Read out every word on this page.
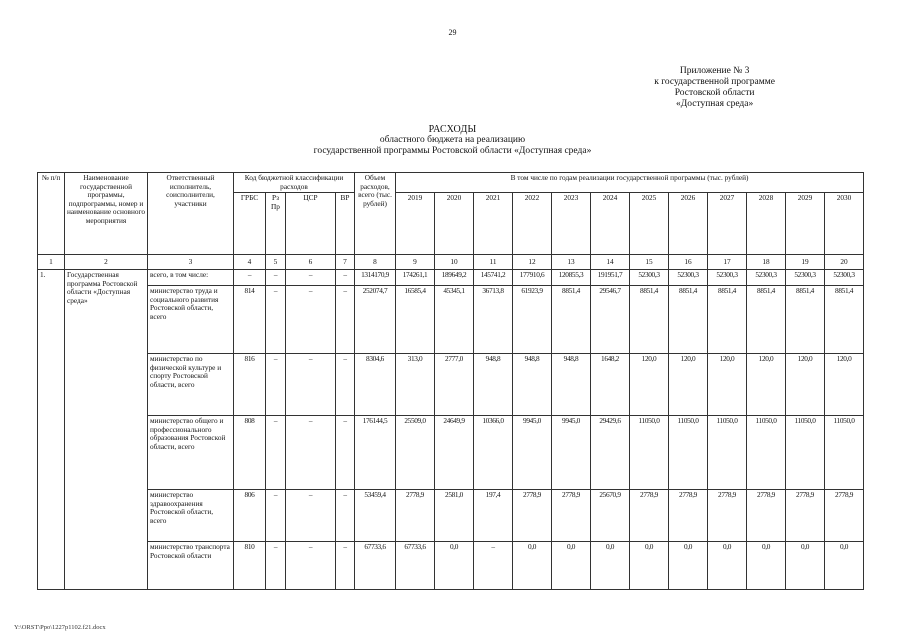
29
Приложение № 3
к государственной программе
Ростовской области
«Доступная среда»
РАСХОДЫ
областного бюджета на реализацию
государственной программы Ростовской области «Доступная среда»
№ п/п	Наименование государственной программы, подпрограммы, номер и наименование основного мероприятия	Ответственный исполнитель, соисполнители, участники	Код бюджетной классификации расходов				Объем расходов, всего (тыс. рублей)	В том числе по годам реализации государственной программы (тыс. рублей)											
			ГРБС	Рз Пр	ЦСР	ВР		2019	2020	2021	2022	2023	2024	2025	2026	2027	2028	2029	2030
1	2	3	4	5	6	7	8	9	10	11	12	13	14	15	16	17	18	19	20
1.	Государственная программа Ростовской области «Доступная среда»	всего, в том числе:	–	–	–	–	1314170,9	174261,1	189649,2	145741,2	177910,6	120855,3	191951,7	52300,3	52300,3	52300,3	52300,3	52300,3	52300,3
		министерство труда и социального развития Ростовской области, всего	814	–	–	–	252074,7	16585,4	45345,1	36713,8	61923,9	8851,4	29546,7	8851,4	8851,4	8851,4	8851,4	8851,4	8851,4
		министерство по физической культуре и спорту Ростовской области, всего	816	–	–	–	8304,6	313,0	2777,0	948,8	948,8	948,8	1648,2	120,0	120,0	120,0	120,0	120,0	120,0
		министерство общего и профессионального образования Ростовской области, всего	808	–	–	–	176144,5	25509,0	24649,9	10366,0	9945,0	9945,0	29429,6	11050,0	11050,0	11050,0	11050,0	11050,0	11050,0
		министерство здравоохранения Ростовской области, всего	806	–	–	–	53459,4	2778,9	2581,0	197,4	2778,9	2778,9	25670,9	2778,9	2778,9	2778,9	2778,9	2778,9	2778,9
		министерство транспорта Ростовской области	810	–	–	–	67733,6	67733,6	0,0	–	0,0	0,0	0,0	0,0	0,0	0,0	0,0	0,0	0,0
Y:\ORST\Ppo\1227p1102.f21.docx
